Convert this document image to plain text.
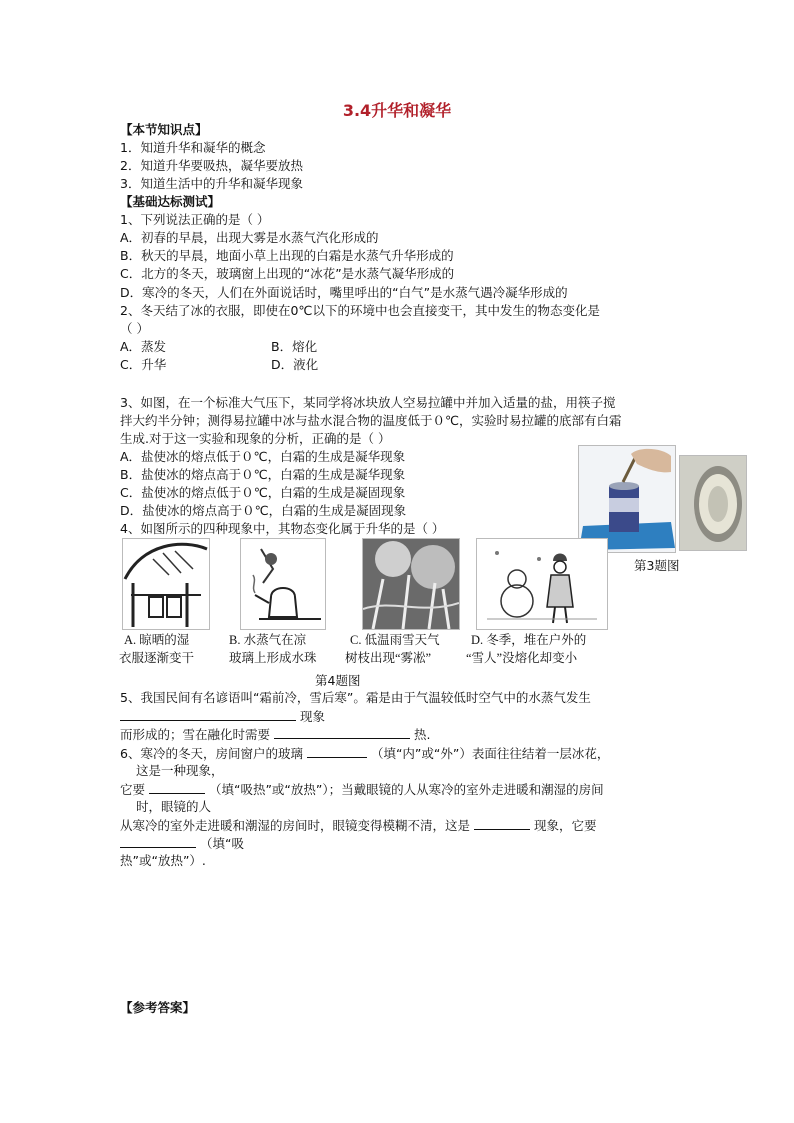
3.4升华和凝华
【本节知识点】
1．知道升华和凝华的概念
2．知道升华要吸热，凝华要放热
3．知道生活中的升华和凝华现象
【基础达标测试】
1、下列说法正确的是（ ）
A．初春的早晨，出现大雾是水蒸气汽化形成的
B．秋天的早晨，地面小草上出现的白霜是水蒸气升华形成的
C．北方的冬天，玻璃窗上出现的“冰花”是水蒸气凝华形成的
D．寒冷的冬天，人们在外面说话时，嘴里呼出的“白气”是水蒸气遇冷凝华形成的
2、冬天结了冰的衣服，即使在0℃以下的环境中也会直接变干，其中发生的物态变化是
（ ）
A．蒸发	B．熔化
C．升华	D．液化
3、如图，在一个标准大气压下，某同学将冰块放人空易拉罐中并加入适量的盐，用筷子搅
拌大约半分钟；测得易拉罐中冰与盐水混合物的温度低于０℃，实验时易拉罐的底部有白霜
生成.对于这一实验和现象的分析，正确的是（ ）
A．盐使冰的熔点低于０℃，白霜的生成是凝华现象
B．盐使冰的熔点高于０℃，白霜的生成是凝华现象
C．盐使冰的熔点低于０℃，白霜的生成是凝固现象
D．盐使冰的熔点高于０℃，白霜的生成是凝固现象
第3题图
4、如图所示的四种现象中，其物态变化属于升华的是（ ）
A. 晾晒的湿
衣服逐渐变干
B. 水蒸气在凉
玻璃上形成水珠
C. 低温雨雪天气
树枝出现“雾凇”
D. 冬季，堆在户外的
“雪人”没熔化却变小
第4题图
5、我国民间有名谚语叫“霜前冷，雪后寒”。霜是由于气温较低时空气中的水蒸气发生
现象
而形成的；雪在融化时需要	热.
6、寒冷的冬天，房间窗户的玻璃	（填“内”或“外”）表面往往结着一层冰花，
这是一种现象，
它要	（填“吸热”或“放热”）；当戴眼镜的人从寒冷的室外走进暖和潮湿的房间
时，眼镜的人
从寒冷的室外走进暖和潮湿的房间时，眼镜变得模糊不清，这是	现象，它要
（填“吸
热”或“放热”）.
【参考答案】
